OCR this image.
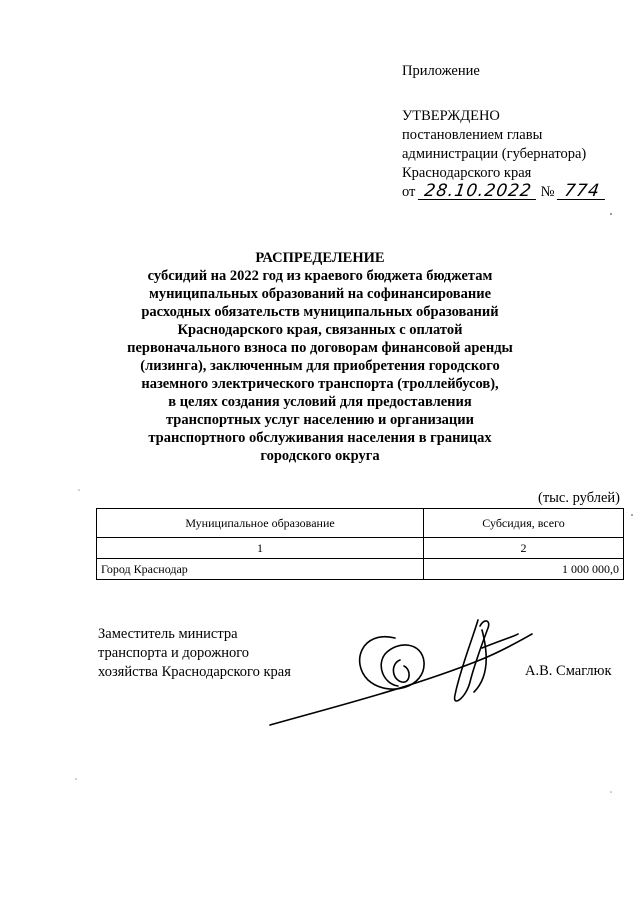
Приложение
УТВЕРЖДЕНО
постановлением главы
администрации (губернатора)
Краснодарского края
от 28.10.2022 № 774
РАСПРЕДЕЛЕНИЕ
субсидий на 2022 год из краевого бюджета бюджетам
муниципальных образований на софинансирование
расходных обязательств муниципальных образований
Краснодарского края, связанных с оплатой
первоначального взноса по договорам финансовой аренды
(лизинга), заключенным для приобретения городского
наземного электрического транспорта (троллейбусов),
в целях создания условий для предоставления
транспортных услуг населению и организации
транспортного обслуживания населения в границах
городского округа
(тыс. рублей)
Муниципальное образование	Субсидия, всего
1	2
Город Краснодар	1 000 000,0
Заместитель министра
транспорта и дорожного
хозяйства Краснодарского края	А.В. Смаглюк
